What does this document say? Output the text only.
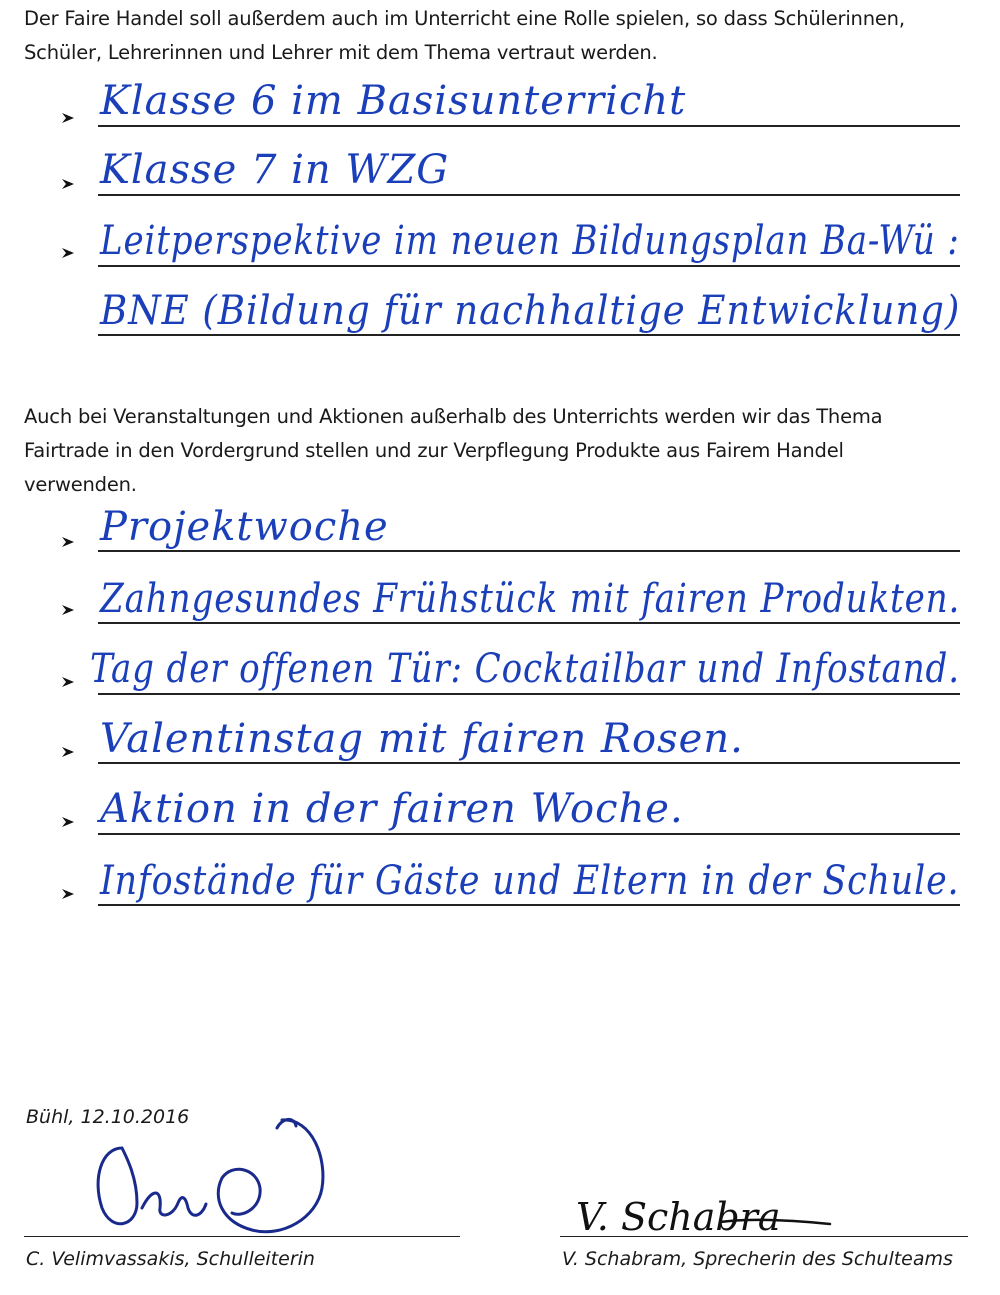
Der Faire Handel soll außerdem auch im Unterricht eine Rolle spielen, so dass Schülerinnen,
Schüler, Lehrerinnen und Lehrer mit dem Thema vertraut werden.
Klasse 6 im Basisunterricht
Klasse 7 in WZG
Leitperspektive im neuen Bildungsplan Ba-Wü :
BNE (Bildung für nachhaltige Entwicklung)
Auch bei Veranstaltungen und Aktionen außerhalb des Unterrichts werden wir das Thema
Fairtrade in den Vordergrund stellen und zur Verpflegung Produkte aus Fairem Handel
verwenden.
Projektwoche
Zahngesundes Frühstück mit fairen Produkten.
Tag der offenen Tür: Cocktailbar und Infostand.
Valentinstag mit fairen Rosen.
Aktion in der fairen Woche.
Infostände für Gäste und Eltern in der Schule.
Bühl, 12.10.2016
V. Schabra
C. Velimvassakis, Schulleiterin	V. Schabram, Sprecherin des Schulteams
